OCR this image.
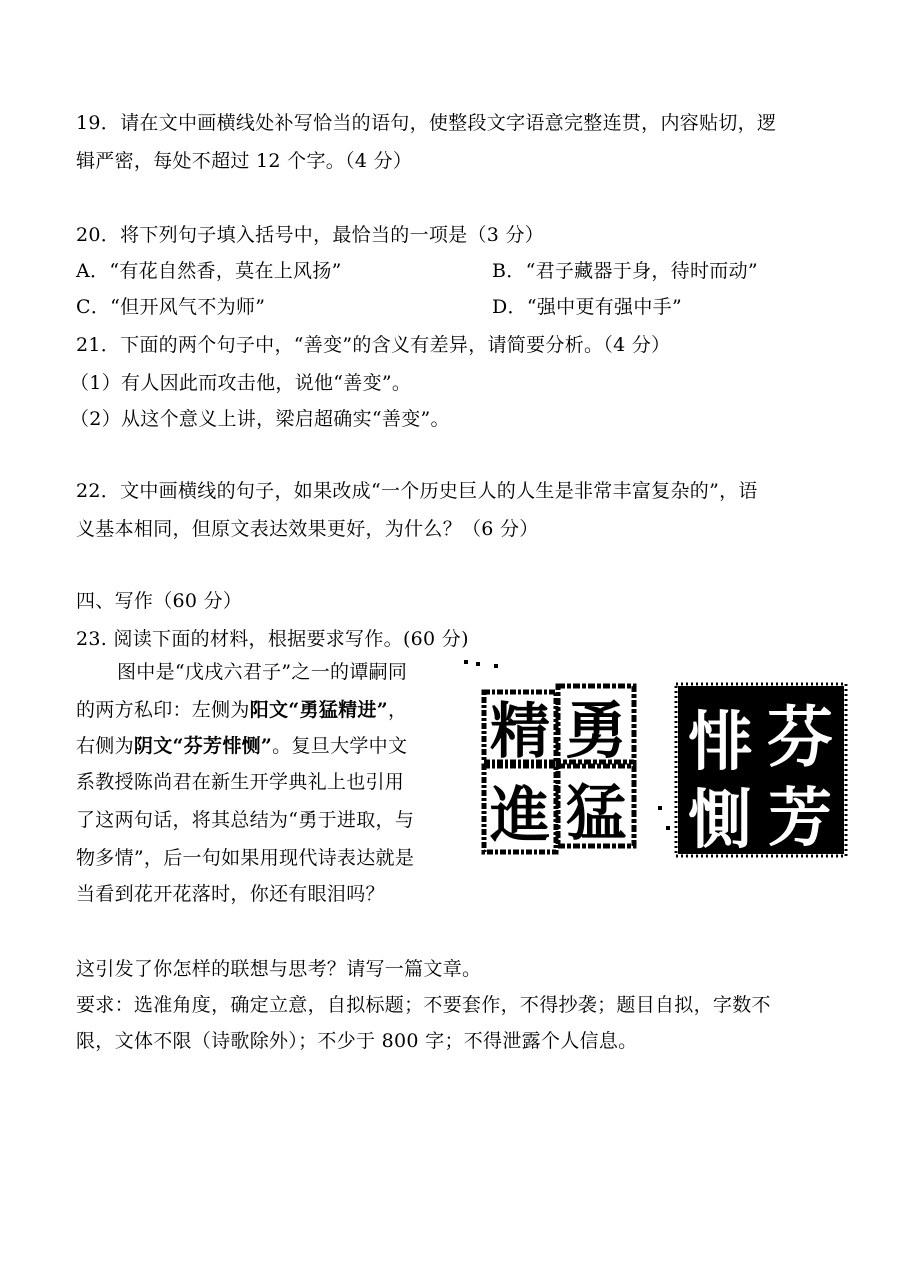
19．请在文中画横线处补写恰当的语句，使整段文字语意完整连贯，内容贴切，逻
辑严密，每处不超过 12 个字。（4 分）
20．将下列句子填入括号中，最恰当的一项是（3 分）
A．“有花自然香，莫在上风扬”	B．“君子藏器于身，待时而动”
C．“但开风气不为师”	D．“强中更有强中手”
21．下面的两个句子中，“善变”的含义有差异，请简要分析。（4 分）
（1）有人因此而攻击他，说他“善变”。
（2）从这个意义上讲，梁启超确实“善变”。
22．文中画横线的句子，如果改成“一个历史巨人的人生是非常丰富复杂的”，语
义基本相同，但原文表达效果更好，为什么？（6 分）
四、写作（60 分）
23. 阅读下面的材料，根据要求写作。(60 分)
图中是“戊戌六君子”之一的谭嗣同
的两方私印：左侧为阳文“勇猛精进”，
右侧为阴文“芬芳悱恻”。复旦大学中文
系教授陈尚君在新生开学典礼上也引用
了这两句话，将其总结为“勇于进取，与
物多情”，后一句如果用现代诗表达就是
当看到花开花落时，你还有眼泪吗？
精 勇
進 猛
悱 芬
惻 芳
这引发了你怎样的联想与思考？请写一篇文章。
要求：选准角度，确定立意，自拟标题；不要套作，不得抄袭；题目自拟，字数不
限，文体不限（诗歌除外）；不少于 800 字；不得泄露个人信息。
